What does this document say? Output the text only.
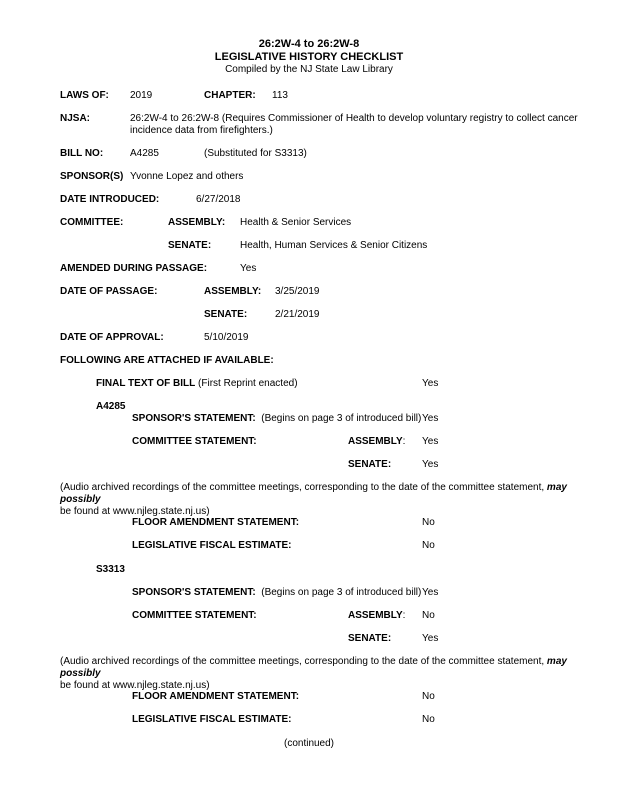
26:2W-4 to 26:2W-8
LEGISLATIVE HISTORY CHECKLIST
Compiled by the NJ State Law Library
LAWS OF: 2019	CHAPTER: 113
NJSA:	26:2W-4 to 26:2W-8 (Requires Commissioner of Health to develop voluntary registry to collect cancer incidence data from firefighters.)
BILL NO:	A4285	(Substituted for S3313)
SPONSOR(S) Yvonne Lopez and others
DATE INTRODUCED:	6/27/2018
COMMITTEE:	ASSEMBLY: Health & Senior Services
SENATE:	Health, Human Services & Senior Citizens
AMENDED DURING PASSAGE:	Yes
DATE OF PASSAGE:	ASSEMBLY: 3/25/2019
SENATE:	2/21/2019
DATE OF APPROVAL:	5/10/2019
FOLLOWING ARE ATTACHED IF AVAILABLE:
FINAL TEXT OF BILL (First Reprint enacted)	Yes
A4285
SPONSOR'S STATEMENT: (Begins on page 3 of introduced bill) Yes
COMMITTEE STATEMENT:	ASSEMBLY: Yes
SENATE:	Yes
(Audio archived recordings of the committee meetings, corresponding to the date of the committee statement, may possibly
be found at www.njleg.state.nj.us)
FLOOR AMENDMENT STATEMENT:	No
LEGISLATIVE FISCAL ESTIMATE:	No
S3313
SPONSOR'S STATEMENT: (Begins on page 3 of introduced bill) Yes
COMMITTEE STATEMENT:	ASSEMBLY: No
SENATE:	Yes
(Audio archived recordings of the committee meetings, corresponding to the date of the committee statement, may possibly
be found at www.njleg.state.nj.us)
FLOOR AMENDMENT STATEMENT:	No
LEGISLATIVE FISCAL ESTIMATE:	No
(continued)
